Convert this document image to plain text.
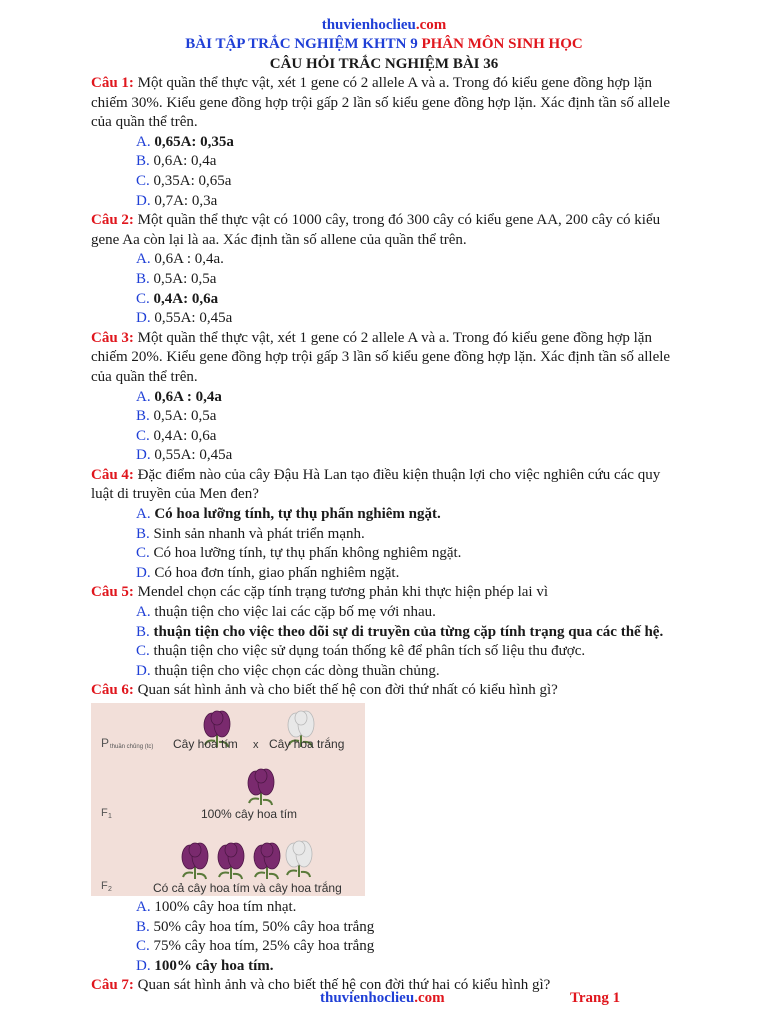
thuvienhoclieu.com
BÀI TẬP TRẮC NGHIỆM KHTN 9 PHÂN MÔN SINH HỌC
CÂU HỎI TRẮC NGHIỆM BÀI 36

Câu 1: Một quần thể thực vật, xét 1 gene có 2 allele A và a. Trong đó kiểu gene đồng hợp lặn chiếm 30%. Kiểu gene đồng hợp trội gấp 2 lần số kiểu gene đồng hợp lặn. Xác định tần số allele của quần thể trên.

A. 0,65A: 0,35a

B. 0,6A: 0,4a

C. 0,35A: 0,65a

D. 0,7A: 0,3a

Câu 2: Một quần thể thực vật có 1000 cây, trong đó 300 cây có kiểu gene AA, 200 cây có kiểu gene Aa còn lại là aa. Xác định tần số allene của quần thể trên.

A. 0,6A : 0,4a.

B. 0,5A: 0,5a

C. 0,4A: 0,6a

D. 0,55A: 0,45a

Câu 3: Một quần thể thực vật, xét 1 gene có 2 allele A và a. Trong đó kiểu gene đồng hợp lặn chiếm 20%. Kiểu gene đồng hợp trội gấp 3 lần số kiểu gene đồng hợp lặn. Xác định tần số allele của quần thể trên.

A. 0,6A : 0,4a

B. 0,5A: 0,5a

C. 0,4A: 0,6a

D. 0,55A: 0,45a

Câu 4: Đặc điểm nào của cây Đậu Hà Lan tạo điều kiện thuận lợi cho việc nghiên cứu các quy luật di truyền của Men đen?

A. Có hoa lưỡng tính, tự thụ phấn nghiêm ngặt.

B. Sinh sản nhanh và phát triển mạnh.

C. Có hoa lưỡng tính, tự thụ phấn không nghiêm ngặt.

D. Có hoa đơn tính, giao phấn nghiêm ngặt.

Câu 5: Mendel chọn các cặp tính trạng tương phản khi thực hiện phép lai vì

A. thuận tiện cho việc lai các cặp bố mẹ với nhau.

B. thuận tiện cho việc theo dõi sự di truyền của từng cặp tính trạng qua các thế hệ.

C. thuận tiện cho việc sử dụng toán thống kê để phân tích số liệu thu được.

D. thuận tiện cho việc chọn các dòng thuần chủng.

Câu 6: Quan sát hình ảnh và cho biết thế hệ con đời thứ nhất có kiểu hình gì?

P thuần chủng (tc) Cây hoa tím x Cây hoa trắng
F 1	100% cây hoa tím
F 2	Có cả cây hoa tím và cây hoa trắng

A. 100% cây hoa tím nhạt.

B. 50% cây hoa tím, 50% cây hoa trắng

C. 75% cây hoa tím, 25% cây hoa trắng

D. 100% cây hoa tím.

Câu 7: Quan sát hình ảnh và cho biết thế hệ con đời thứ hai có kiểu hình gì?

thuvienhoclieu.com	Trang 1
